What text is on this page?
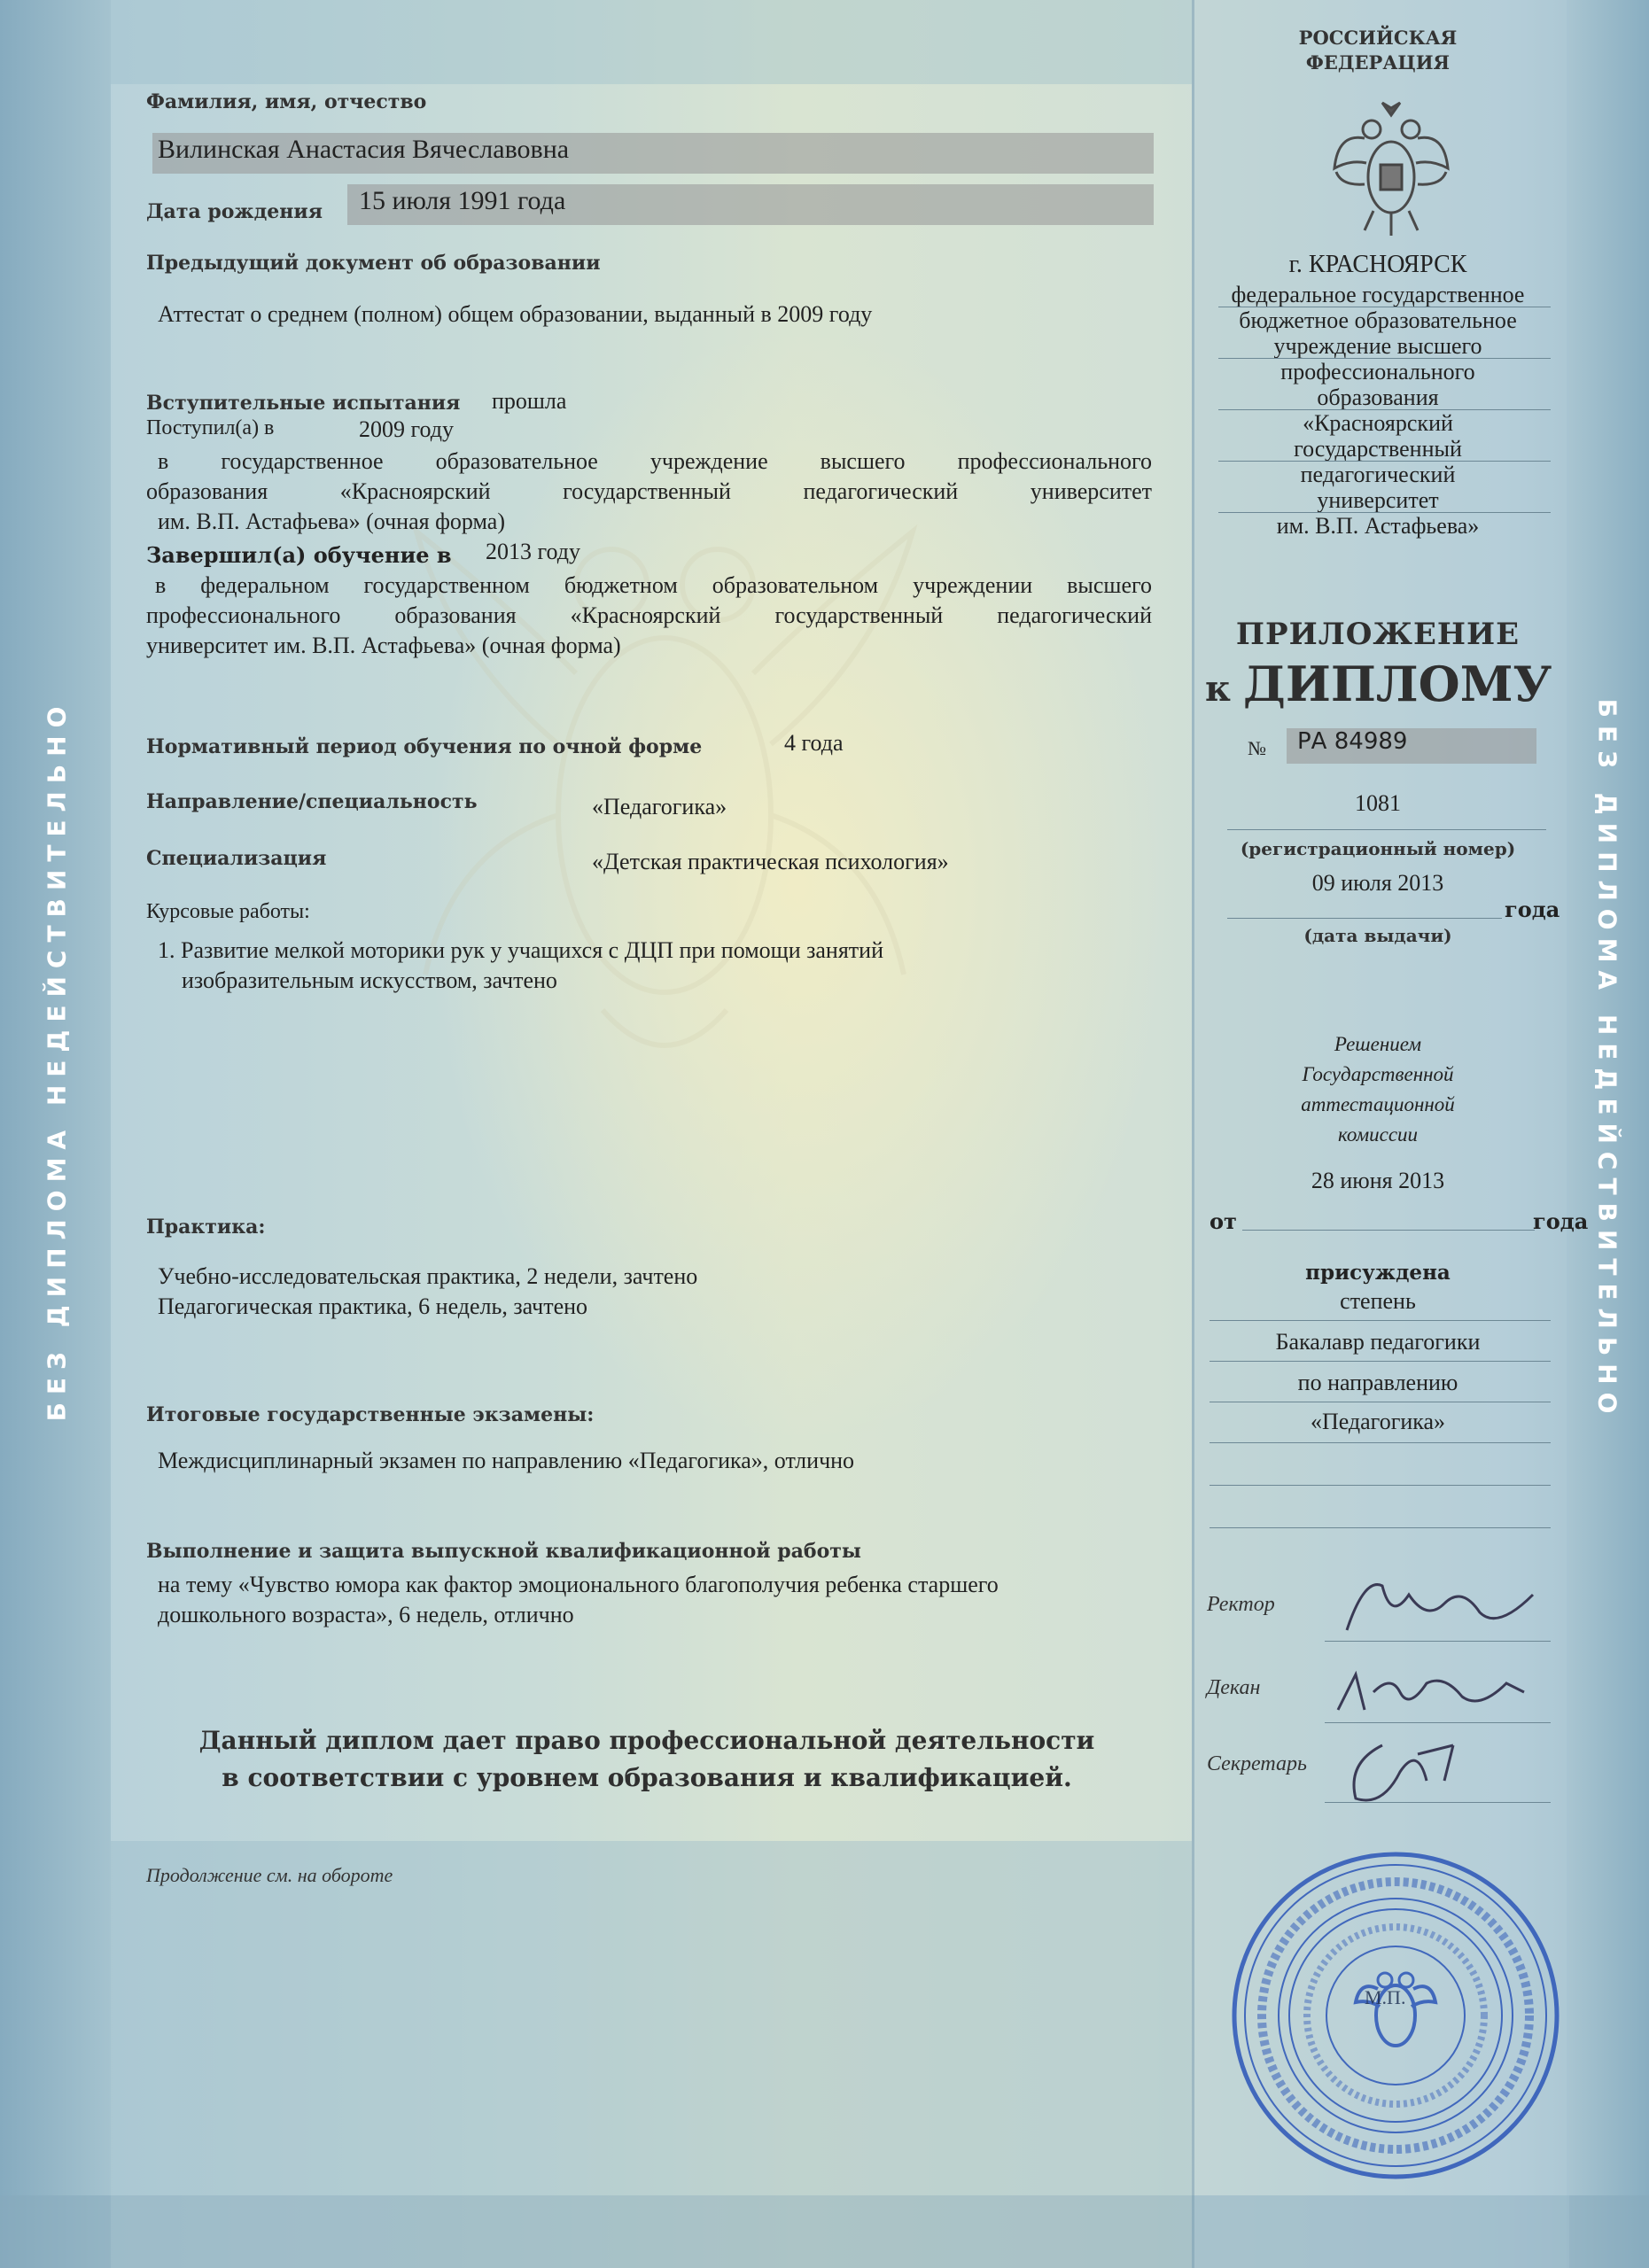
БЕЗ ДИПЛОМА НЕДЕЙСТВИТЕЛЬНО	БЕЗ ДИПЛОМА НЕДЕЙСТВИТЕЛЬНО
Фамилия, имя, отчество
Вилинская Анастасия Вячеславовна
Дата рождения 15 июля 1991 года
Предыдущий документ об образовании
Аттестат о среднем (полном) общем образовании, выданный в 2009 году
Вступительные испытания прошла
Поступил(а) в	2009 году
в государственное образовательное учреждение высшего профессионального
образования «Красноярский государственный педагогический университет
им. В.П. Астафьева» (очная форма)
Завершил(а) обучение в 2013 году
в федеральном государственном бюджетном образовательном учреждении высшего
профессионального образования «Красноярский государственный педагогический
университет им. В.П. Астафьева» (очная форма)
Нормативный период обучения по очной форме	4 года
Направление/специальность	«Педагогика»
Специализация	«Детская практическая психология»
Курсовые работы:
1. Развитие мелкой моторики рук у учащихся с ДЦП при помощи занятий
изобразительным искусством, зачтено
Практика:
Учебно-исследовательская практика, 2 недели, зачтено
Педагогическая практика, 6 недель, зачтено
Итоговые государственные экзамены:
Междисциплинарный экзамен по направлению «Педагогика», отлично
Выполнение и защита выпускной квалификационной работы
на тему «Чувство юмора как фактор эмоционального благополучия ребенка старшего
дошкольного возраста», 6 недель, отлично
Данный диплом дает право профессиональной деятельности
в соответствии с уровнем образования и квалификацией.
Продолжение см. на обороте
РОССИЙСКАЯ
ФЕДЕРАЦИЯ
г. КРАСНОЯРСК
федеральное государственное
бюджетное образовательное
учреждение высшего
профессионального
образования
«Красноярский
государственный
педагогический
университет
им. В.П. Астафьева»
ПРИЛОЖЕНИЕ
к ДИПЛОМУ
№ РА 84989
1081
(регистрационный номер)
09 июля 2013
года
(дата выдачи)
Решением
Государственной
аттестационной
комиссии
28 июня 2013
от	года
присуждена
степень
Бакалавр педагогики
по направлению
«Педагогика»
Ректор
Декан
Секретарь
М.П.
